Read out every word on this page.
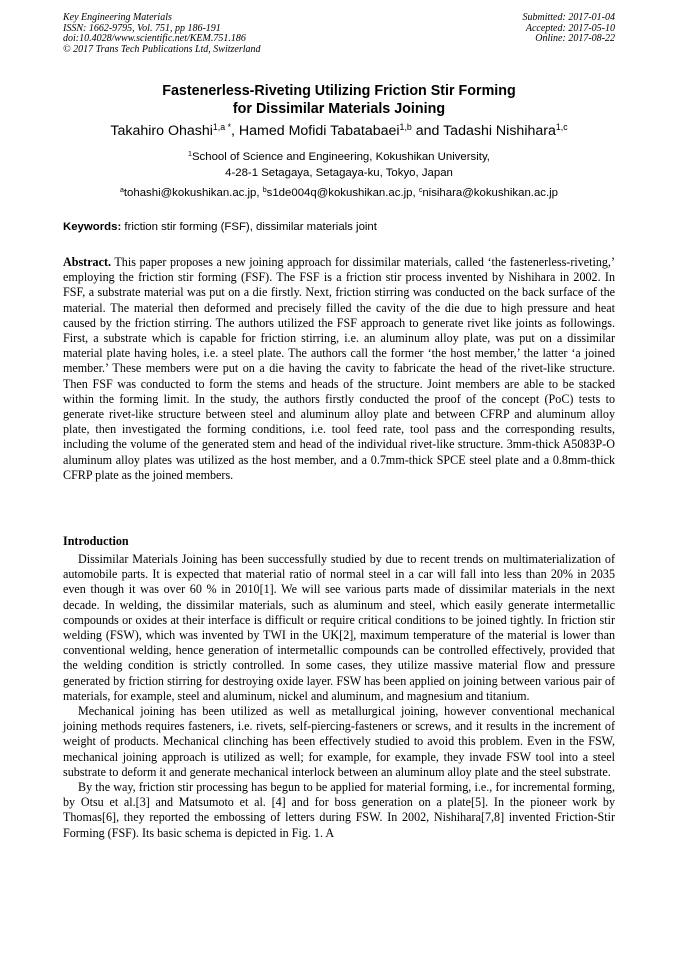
Key Engineering Materials
ISSN: 1662-9795, Vol. 751, pp 186-191
doi:10.4028/www.scientific.net/KEM.751.186
© 2017 Trans Tech Publications Ltd, Switzerland
Submitted: 2017-01-04
Accepted: 2017-05-10
Online: 2017-08-22
Fastenerless-Riveting Utilizing Friction Stir Forming
for Dissimilar Materials Joining
Takahiro Ohashi$^{1,a *}$, Hamed Mofidi Tabatabaei$^{1,b}$ and Tadashi Nishihara$^{1,c}$
$^1$School of Science and Engineering, Kokushikan University,
4-28-1 Setagaya, Setagaya-ku, Tokyo, Japan
$^a$tohashi@kokushikan.ac.jp, $^b$s1de004q@kokushikan.ac.jp, $^c$nisihara@kokushikan.ac.jp
Keywords: friction stir forming (FSF), dissimilar materials joint
Abstract. This paper proposes a new joining approach for dissimilar materials, called ‘the fastenerless-riveting,’ employing the friction stir forming (FSF). The FSF is a friction stir process invented by Nishihara in 2002. In FSF, a substrate material was put on a die firstly. Next, friction stirring was conducted on the back surface of the material. The material then deformed and precisely filled the cavity of the die due to high pressure and heat caused by the friction stirring. The authors utilized the FSF approach to generate rivet like joints as followings. First, a substrate which is capable for friction stirring, i.e. an aluminum alloy plate, was put on a dissimilar material plate having holes, i.e. a steel plate. The authors call the former ‘the host member,’ the latter ‘a joined member.’ These members were put on a die having the cavity to fabricate the head of the rivet-like structure. Then FSF was conducted to form the stems and heads of the structure. Joint members are able to be stacked within the forming limit. In the study, the authors firstly conducted the proof of the concept (PoC) tests to generate rivet-like structure between steel and aluminum alloy plate and between CFRP and aluminum alloy plate, then investigated the forming conditions, i.e. tool feed rate, tool pass and the corresponding results, including the volume of the generated stem and head of the individual rivet-like structure. 3mm-thick A5083P-O aluminum alloy plates was utilized as the host member, and a 0.7mm-thick SPCE steel plate and a 0.8mm-thick CFRP plate as the joined members.
Introduction

Dissimilar Materials Joining has been successfully studied by due to recent trends on multimaterialization of automobile parts. It is expected that material ratio of normal steel in a car will fall into less than 20% in 2035 even though it was over 60 % in 2010[1]. We will see various parts made of dissimilar materials in the next decade. In welding, the dissimilar materials, such as aluminum and steel, which easily generate intermetallic compounds or oxides at their interface is difficult or require critical conditions to be joined tightly. In friction stir welding (FSW), which was invented by TWI in the UK[2], maximum temperature of the material is lower than conventional welding, hence generation of intermetallic compounds can be controlled effectively, provided that the welding condition is strictly controlled. In some cases, they utilize massive material flow and pressure generated by friction stirring for destroying oxide layer. FSW has been applied on joining between various pair of materials, for example, steel and aluminum, nickel and aluminum, and magnesium and titanium.

Mechanical joining has been utilized as well as metallurgical joining, however conventional mechanical joining methods requires fasteners, i.e. rivets, self-piercing-fasteners or screws, and it results in the increment of weight of products. Mechanical clinching has been effectively studied to avoid this problem. Even in the FSW, mechanical joining approach is utilized as well; for example, for example, they invade FSW tool into a steel substrate to deform it and generate mechanical interlock between an aluminum alloy plate and the steel substrate.

By the way, friction stir processing has begun to be applied for material forming, i.e., for incremental forming, by Otsu et al.[3] and Matsumoto et al. [4] and for boss generation on a plate[5]. In the pioneer work by Thomas[6], they reported the embossing of letters during FSW. In 2002, Nishihara[7,8] invented Friction-Stir Forming (FSF). Its basic schema is depicted in Fig. 1. A
